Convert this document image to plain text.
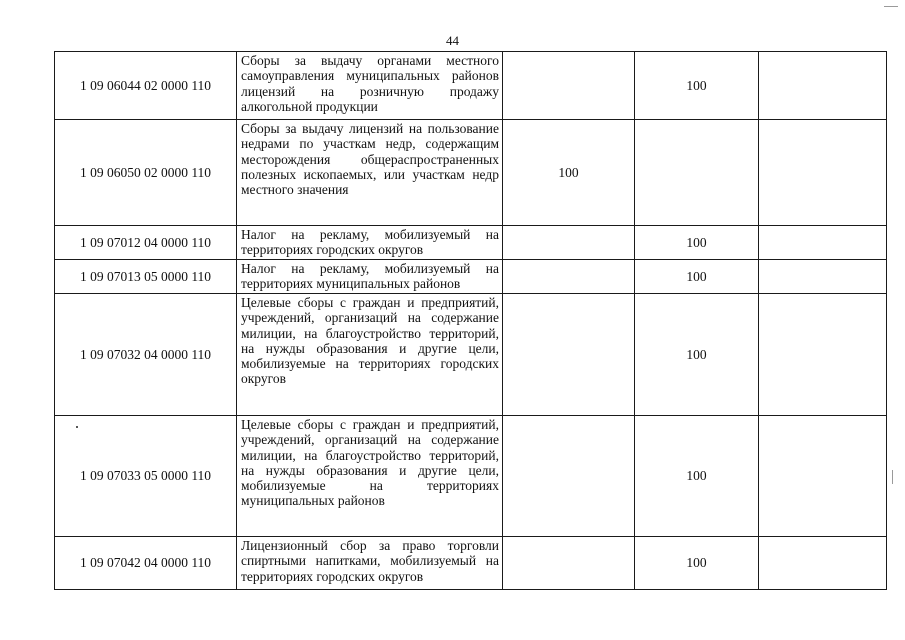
44
1 09 06044 02 0000 110	Сборы за выдачу органами местного самоуправления муниципальных районов лицензий на розничную продажу алкогольной продукции		100	
1 09 06050 02 0000 110	Сборы за выдачу лицензий на пользование недрами по участкам недр, содержащим месторождения общераспространенных полезных ископаемых, или участкам недр местного значения	100		
1 09 07012 04 0000 110	Налог на рекламу, мобилизуемый на территориях городских округов		100	
1 09 07013 05 0000 110	Налог на рекламу, мобилизуемый на территориях муниципальных районов		100	
1 09 07032 04 0000 110	Целевые сборы с граждан и предприятий, учреждений, организаций на содержание милиции, на благоустройство территорий, на нужды образования и другие цели, мобилизуемые на территориях городских округов		100	
1 09 07033 05 0000 110	Целевые сборы с граждан и предприятий, учреждений, организаций на содержание милиции, на благоустройство территорий, на нужды образования и другие цели, мобилизуемые на территориях муниципальных районов		100	
1 09 07042 04 0000 110	Лицензионный сбор за право торговли спиртными напитками, мобилизуемый на территориях городских округов		100	
